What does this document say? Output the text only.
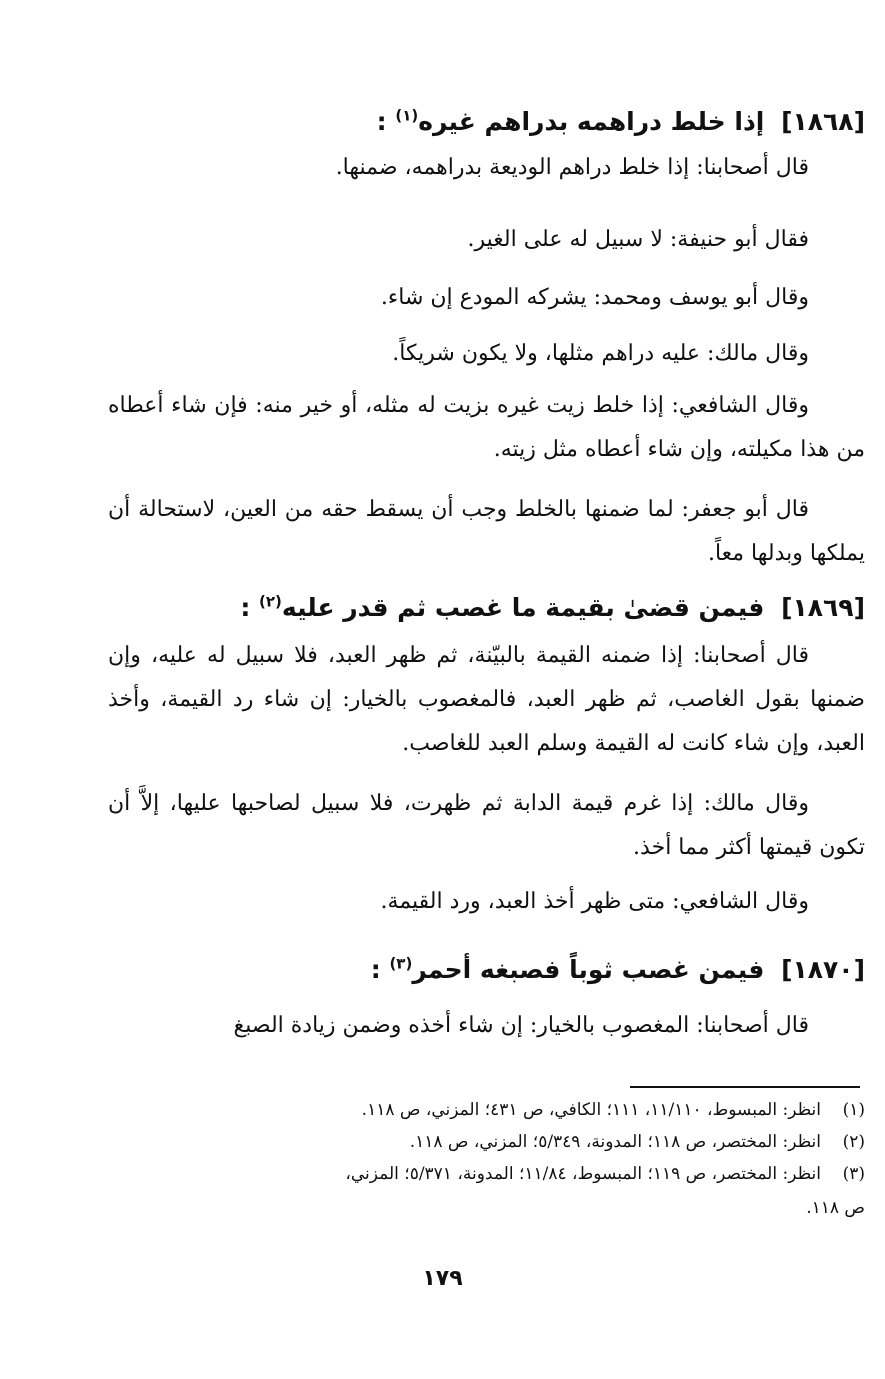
[١٨٦٨] إذا خلط دراهمه بدراهم غيره$^{(١)}$ :

قال أصحابنا: إذا خلط دراهم الوديعة بدراهمه، ضمنها.

فقال أبو حنيفة: لا سبيل له على الغير.

وقال أبو يوسف ومحمد: يشركه المودع إن شاء.

وقال مالك: عليه دراهم مثلها، ولا يكون شريكاً.

وقال الشافعي: إذا خلط زيت غيره بزيت له مثله، أو خير منه: فإن شاء أعطاه من هذا مكيلته، وإن شاء أعطاه مثل زيته.

قال أبو جعفر: لما ضمنها بالخلط وجب أن يسقط حقه من العين، لاستحالة أن يملكها وبدلها معاً.

[١٨٦٩] فيمن قضىٰ بقيمة ما غصب ثم قدر عليه$^{(٢)}$ :

قال أصحابنا: إذا ضمنه القيمة بالبيّنة، ثم ظهر العبد، فلا سبيل له عليه، وإن ضمنها بقول الغاصب، ثم ظهر العبد، فالمغصوب بالخيار: إن شاء رد القيمة، وأخذ العبد، وإن شاء كانت له القيمة وسلم العبد للغاصب.

وقال مالك: إذا غرم قيمة الدابة ثم ظهرت، فلا سبيل لصاحبها عليها، إلاَّ أن تكون قيمتها أكثر مما أخذ.

وقال الشافعي: متى ظهر أخذ العبد، ورد القيمة.

[١٨٧٠] فيمن غصب ثوباً فصبغه أحمر$^{(٣)}$ :

قال أصحابنا: المغصوب بالخيار: إن شاء أخذه وضمن زيادة الصبغ

(١)انظر: المبسوط، ١١/١١٠، ١١١؛ الكافي، ص ٤٣١؛ المزني، ص ١١٨.
(٢)انظر: المختصر، ص ١١٨؛ المدونة، ٥/٣٤٩؛ المزني، ص ١١٨.
(٣)انظر: المختصر، ص ١١٩؛ المبسوط، ١١/٨٤؛ المدونة، ٥/٣٧١؛ المزني،
ص ١١٨.
١٧٩
